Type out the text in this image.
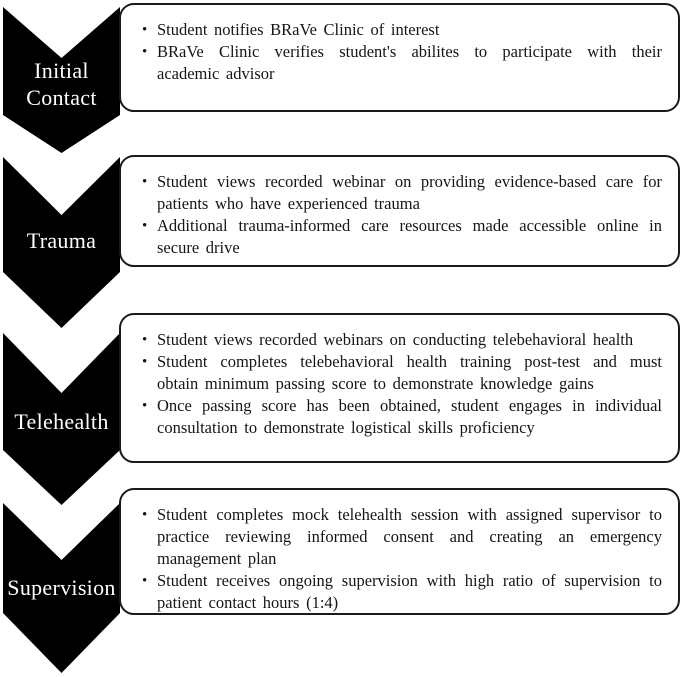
Initial Contact
Trauma
Telehealth
Supervision
• Student notifies BRaVe Clinic of interest
• BRaVe Clinic verifies student's abilites to participate with their academic advisor
• Student views recorded webinar on providing evidence-based care for patients who have experienced trauma
• Additional trauma-informed care resources made accessible online in secure drive
• Student views recorded webinars on conducting telebehavioral health
• Student completes telebehavioral health training post-test and must obtain minimum passing score to demonstrate knowledge gains
• Once passing score has been obtained, student engages in individual consultation to demonstrate logistical skills proficiency
• Student completes mock telehealth session with assigned supervisor to practice reviewing informed consent and creating an emergency management plan
• Student receives ongoing supervision with high ratio of supervision to patient contact hours (1:4)
